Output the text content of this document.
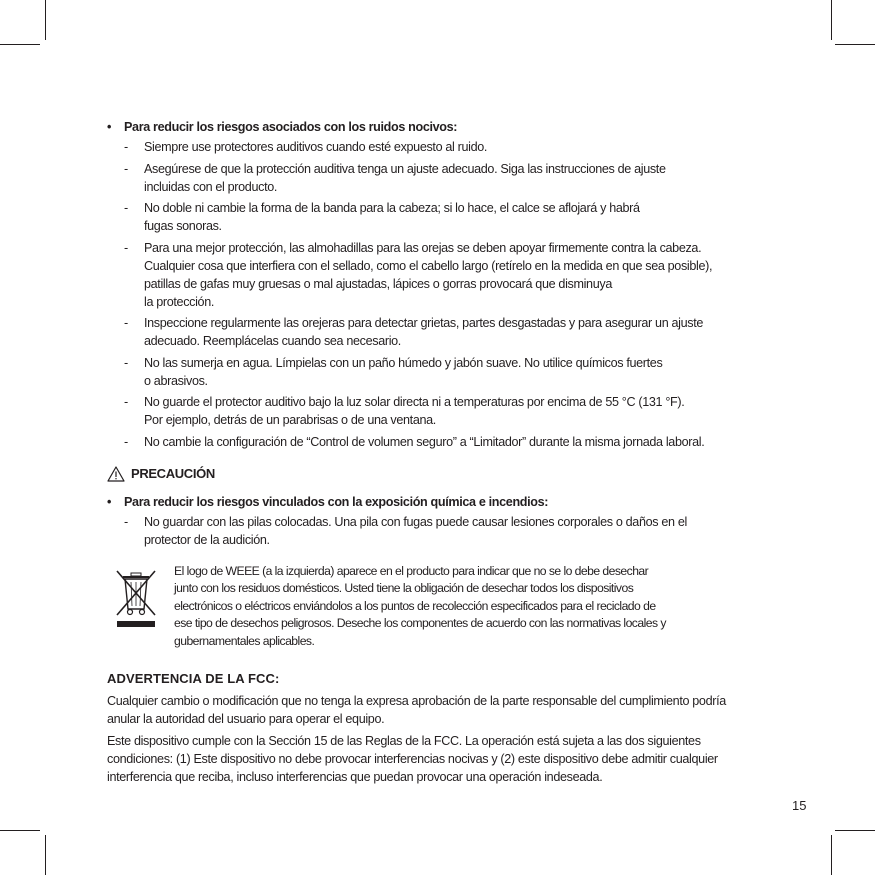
• Para reducir los riesgos asociados con los ruidos nocivos:
- Siempre use protectores auditivos cuando esté expuesto al ruido.
- Asegúrese de que la protección auditiva tenga un ajuste adecuado. Siga las instrucciones de ajuste
incluidas con el producto.
- No doble ni cambie la forma de la banda para la cabeza; si lo hace, el calce se aflojará y habrá
fugas sonoras.
- Para una mejor protección, las almohadillas para las orejas se deben apoyar firmemente contra la cabeza.
Cualquier cosa que interfiera con el sellado, como el cabello largo (retírelo en la medida en que sea posible),
patillas de gafas muy gruesas o mal ajustadas, lápices o gorras provocará que disminuya
la protección.
- Inspeccione regularmente las orejeras para detectar grietas, partes desgastadas y para asegurar un ajuste
adecuado. Reemplácelas cuando sea necesario.
- No las sumerja en agua. Límpielas con un paño húmedo y jabón suave. No utilice químicos fuertes
o abrasivos.
- No guarde el protector auditivo bajo la luz solar directa ni a temperaturas por encima de 55 °C (131 °F).
Por ejemplo, detrás de un parabrisas o de una ventana.
- No cambie la configuración de “Control de volumen seguro” a “Limitador” durante la misma jornada laboral.
PRECAUCIÓN
• Para reducir los riesgos vinculados con la exposición química e incendios:
- No guardar con las pilas colocadas. Una pila con fugas puede causar lesiones corporales o daños en el
protector de la audición.
El logo de WEEE (a la izquierda) aparece en el producto para indicar que no se lo debe desechar
junto con los residuos domésticos. Usted tiene la obligación de desechar todos los dispositivos
electrónicos o eléctricos enviándolos a los puntos de recolección especificados para el reciclado de
ese tipo de desechos peligrosos. Deseche los componentes de acuerdo con las normativas locales y
gubernamentales aplicables.
ADVERTENCIA DE LA FCC:

Cualquier cambio o modificación que no tenga la expresa aprobación de la parte responsable del cumplimiento podría
anular la autoridad del usuario para operar el equipo.

Este dispositivo cumple con la Sección 15 de las Reglas de la FCC. La operación está sujeta a las dos siguientes
condiciones: (1) Este dispositivo no debe provocar interferencias nocivas y (2) este dispositivo debe admitir cualquier
interferencia que reciba, incluso interferencias que puedan provocar una operación indeseada.

15
